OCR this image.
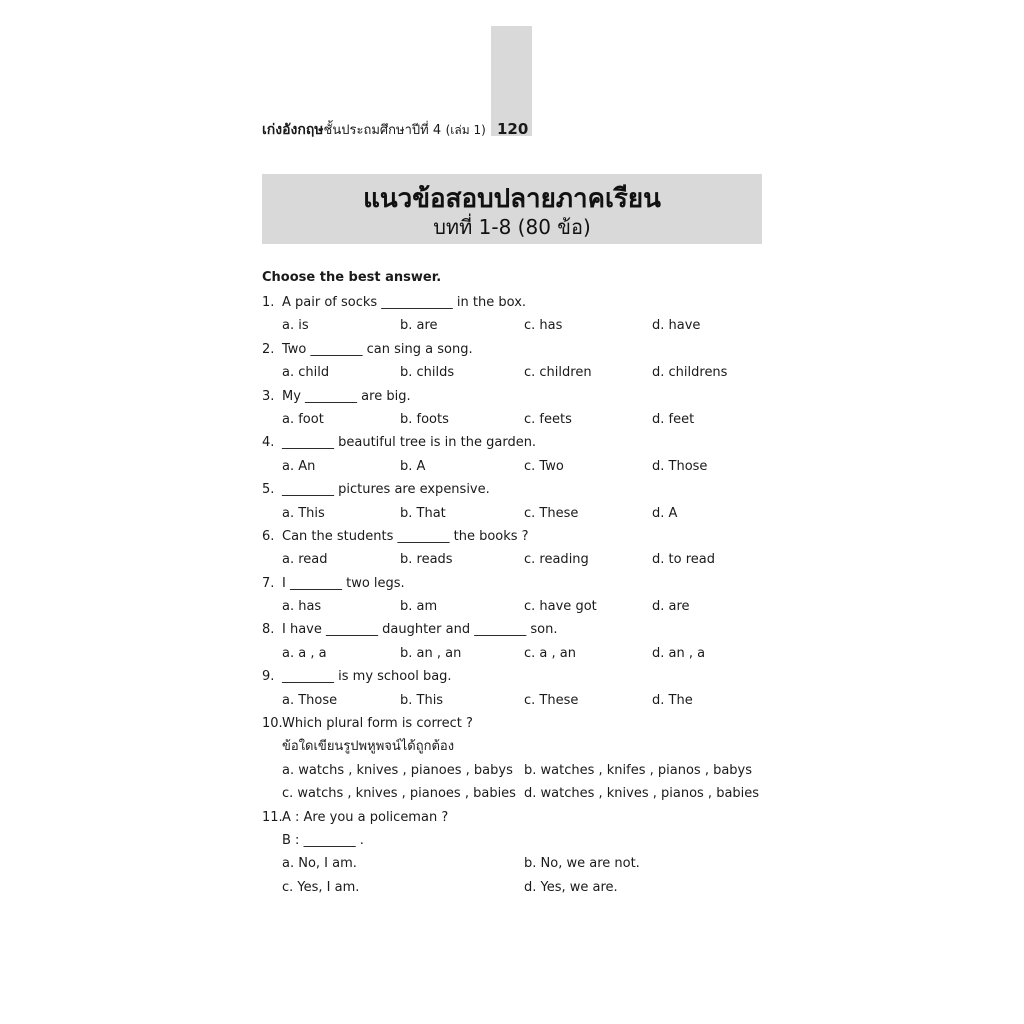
เก่งอังกฤษชั้นประถมศึกษาปีที่ 4 (เล่ม 1) 120
แนวข้อสอบปลายภาคเรียน
บทที่ 1-8 (80 ข้อ)
Choose the best answer.
1. A pair of socks ___________ in the box.
a. is	b. are	c. has	d. have
2. Two ________ can sing a song.
a. child	b. childs	c. children	d. childrens
3. My ________ are big.
a. foot	b. foots	c. feets	d. feet
4. ________ beautiful tree is in the garden.
a. An	b. A	c. Two	d. Those
5. ________ pictures are expensive.
a. This	b. That	c. These	d. A
6. Can the students ________ the books ?
a. read	b. reads	c. reading	d. to read
7. I ________ two legs.
a. has	b. am	c. have got	d. are
8. I have ________ daughter and ________ son.
a. a , a	b. an , an	c. a , an	d. an , a
9. ________ is my school bag.
a. Those	b. This	c. These	d. The
10. Which plural form is correct ?
ข้อใดเขียนรูปพหูพจน์ได้ถูกต้อง
a. watchs , knives , pianoes , babys b. watches , knifes , pianos , babys
c. watchs , knives , pianoes , babies d. watches , knives , pianos , babies
11. A : Are you a policeman ?
B : ________ .
a. No, I am.	b. No, we are not.
c. Yes, I am.	d. Yes, we are.
